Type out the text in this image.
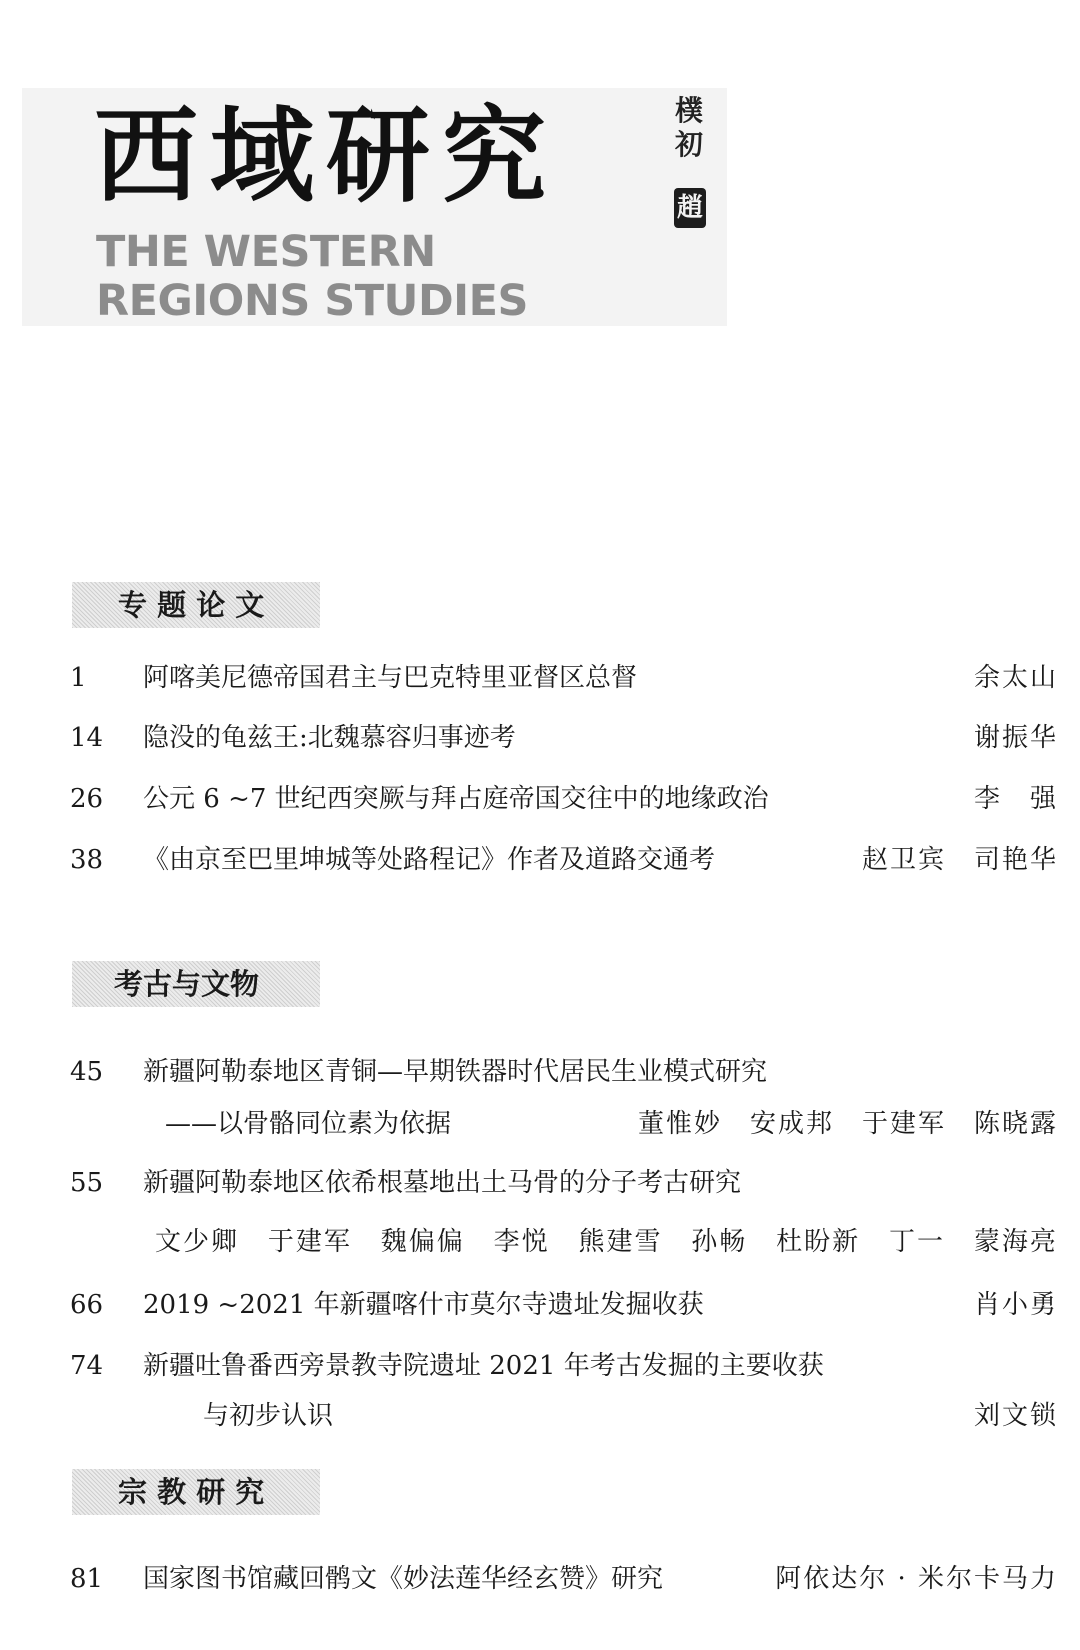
西域研究
THE WESTERN
REGIONS STUDIES
樸初
趙
专 题 论 文
1 阿喀美尼德帝国君主与巴克特里亚督区总督	余太山
14 隐没的龟兹王:北魏慕容归事迹考	谢振华
26 公元 6 ~7 世纪西突厥与拜占庭帝国交往中的地缘政治	李　强
38 《由京至巴里坤城等处路程记》作者及道路交通考	赵卫宾 司艳华
考古与文物
45 新疆阿勒泰地区青铜—早期铁器时代居民生业模式研究
——以骨骼同位素为依据	董惟妙 安成邦 于建军 陈晓露
55 新疆阿勒泰地区依希根墓地出土马骨的分子考古研究
文少卿 于建军 魏偏偏 李悦 熊建雪 孙畅 杜盼新 丁一 蒙海亮
66 2019 ~2021 年新疆喀什市莫尔寺遗址发掘收获	肖小勇
74 新疆吐鲁番西旁景教寺院遗址 2021 年考古发掘的主要收获
与初步认识	刘文锁
宗 教 研 究
81 国家图书馆藏回鹘文《妙法莲华经玄赞》研究	阿依达尔 · 米尔卡马力
